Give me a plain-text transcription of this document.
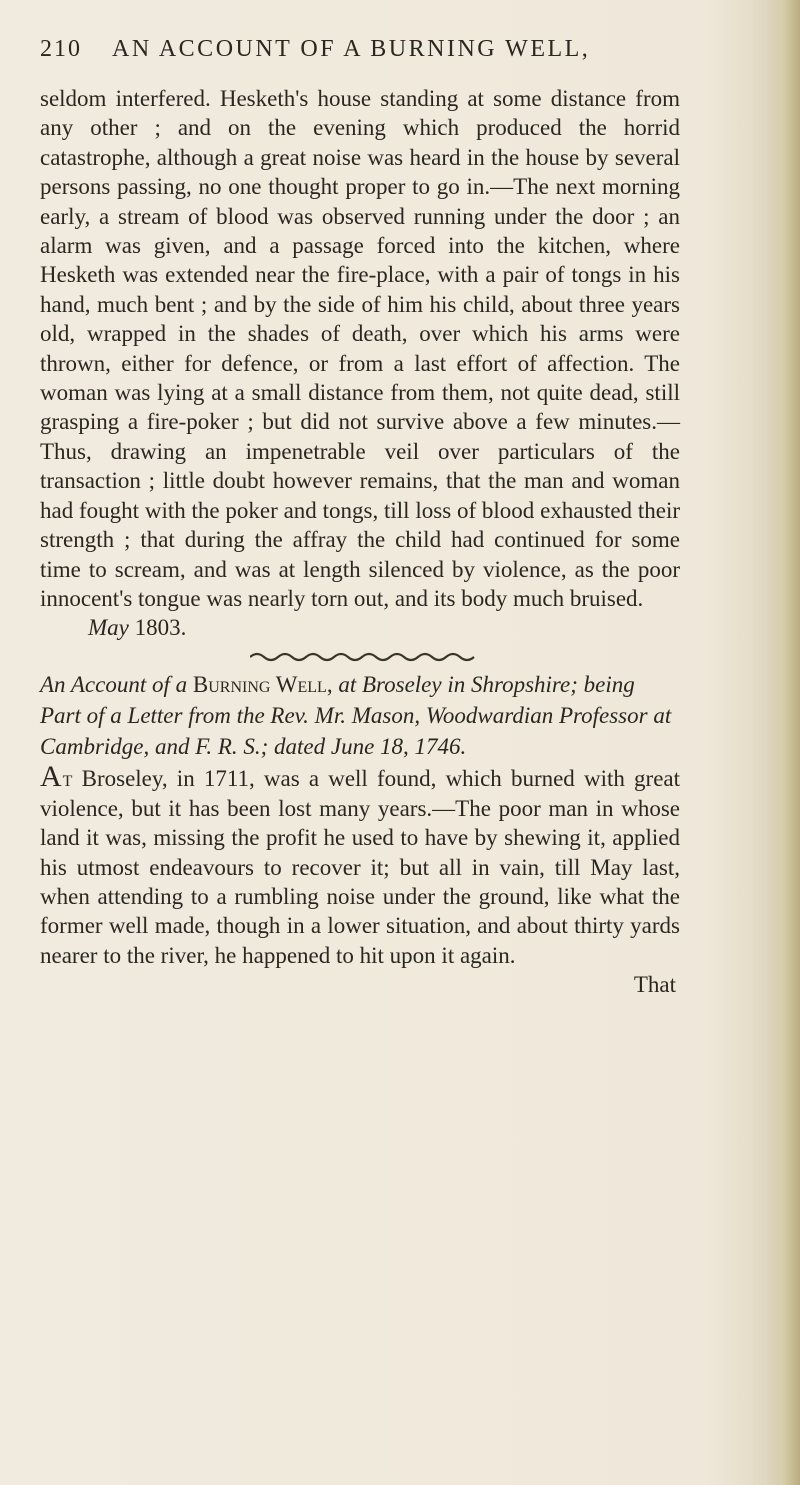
210 AN ACCOUNT OF A BURNING WELL,

seldom interfered. Hesketh's house standing at some distance from any other ; and on the evening which produced the horrid catastrophe, although a great noise was heard in the house by several persons passing, no one thought proper to go in.—The next morning early, a stream of blood was observed running under the door ; an alarm was given, and a passage forced into the kitchen, where Hesketh was extended near the fire-place, with a pair of tongs in his hand, much bent ; and by the side of him his child, about three years old, wrapped in the shades of death, over which his arms were thrown, either for defence, or from a last effort of affection. The woman was lying at a small distance from them, not quite dead, still grasping a fire-poker ; but did not survive above a few minutes.—Thus, drawing an impenetrable veil over particulars of the transaction ; little doubt however remains, that the man and woman had fought with the poker and tongs, till loss of blood exhausted their strength ; that during the affray the child had continued for some time to scream, and was at length silenced by violence, as the poor innocent's tongue was nearly torn out, and its body much bruised.

May 1803.

An Account of a Burning Well, at Broseley in Shropshire; being Part of a Letter from the Rev. Mr. Mason, Woodwardian Professor at Cambridge, and F. R. S.; dated June 18, 1746.

At Broseley, in 1711, was a well found, which burned with great violence, but it has been lost many years.—The poor man in whose land it was, missing the profit he used to have by shewing it, applied his utmost endeavours to recover it; but all in vain, till May last, when attending to a rumbling noise under the ground, like what the former well made, though in a lower situation, and about thirty yards nearer to the river, he happened to hit upon it again.

That
